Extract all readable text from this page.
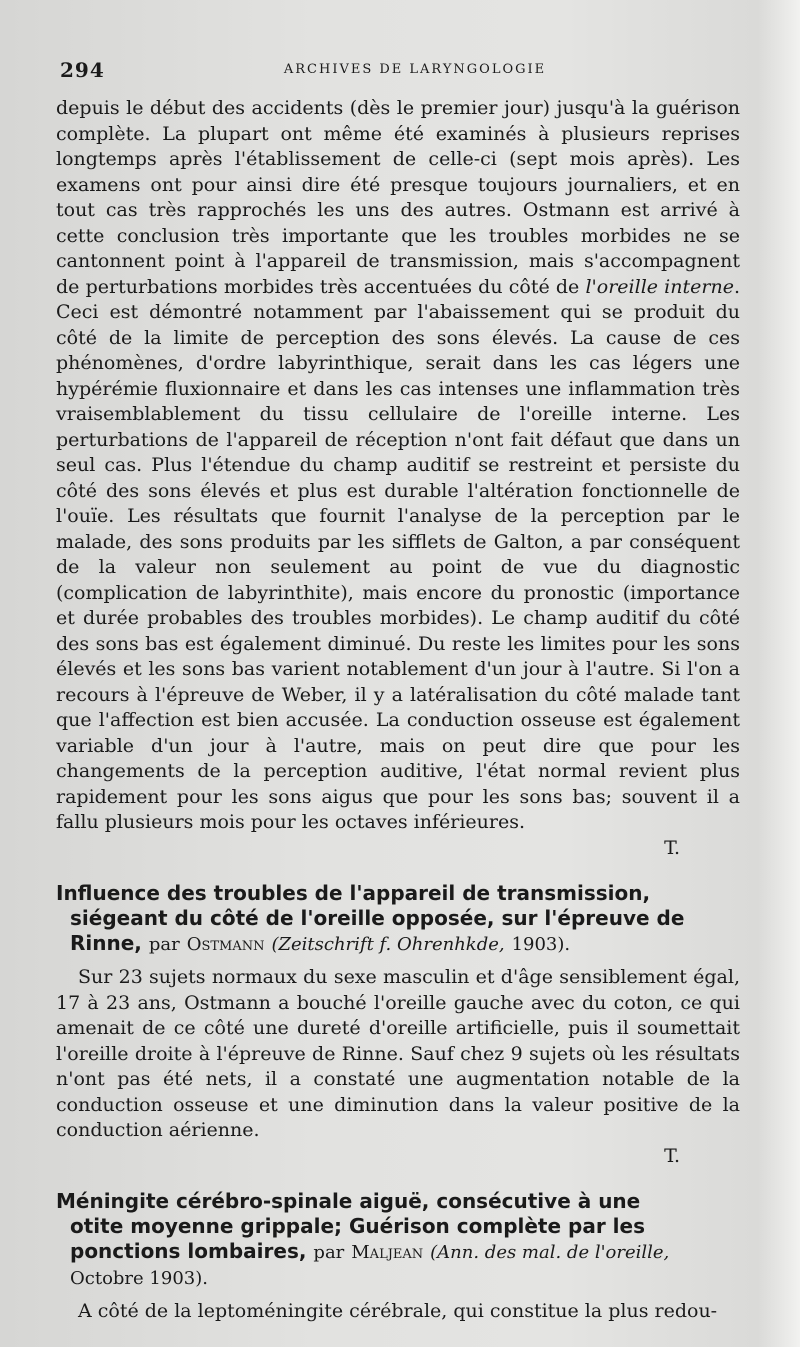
294	ARCHIVES DE LARYNGOLOGIE

depuis le début des accidents (dès le premier jour) jusqu'à la guérison complète. La plupart ont même été examinés à plusieurs reprises longtemps après l'établissement de celle-ci (sept mois après). Les examens ont pour ainsi dire été presque toujours journaliers, et en tout cas très rapprochés les uns des autres. Ostmann est arrivé à cette conclusion très importante que les troubles morbides ne se cantonnent point à l'appareil de transmission, mais s'accompagnent de perturbations morbides très accentuées du côté de l'oreille interne. Ceci est démontré notamment par l'abaissement qui se produit du côté de la limite de perception des sons élevés. La cause de ces phénomènes, d'ordre labyrinthique, serait dans les cas légers une hypérémie fluxionnaire et dans les cas intenses une inflammation très vraisemblablement du tissu cellulaire de l'oreille interne. Les perturbations de l'appareil de réception n'ont fait défaut que dans un seul cas. Plus l'étendue du champ auditif se restreint et persiste du côté des sons élevés et plus est durable l'altération fonctionnelle de l'ouïe. Les résultats que fournit l'analyse de la perception par le malade, des sons produits par les sifflets de Galton, a par conséquent de la valeur non seulement au point de vue du diagnostic (complication de labyrinthite), mais encore du pronostic (importance et durée probables des troubles morbides). Le champ auditif du côté des sons bas est également diminué. Du reste les limites pour les sons élevés et les sons bas varient notablement d'un jour à l'autre. Si l'on a recours à l'épreuve de Weber, il y a latéralisation du côté malade tant que l'affection est bien accusée. La conduction osseuse est également variable d'un jour à l'autre, mais on peut dire que pour les changements de la perception auditive, l'état normal revient plus rapidement pour les sons aigus que pour les sons bas; souvent il a fallu plusieurs mois pour les octaves inférieures.

T.

Influence des troubles de l'appareil de transmission,
siégeant du côté de l'oreille opposée, sur l'épreuve de
Rinne, par Ostmann (Zeitschrift f. Ohrenhkde, 1903).

Sur 23 sujets normaux du sexe masculin et d'âge sensiblement égal, 17 à 23 ans, Ostmann a bouché l'oreille gauche avec du coton, ce qui amenait de ce côté une dureté d'oreille artificielle, puis il soumettait l'oreille droite à l'épreuve de Rinne. Sauf chez 9 sujets où les résultats n'ont pas été nets, il a constaté une augmentation notable de la conduction osseuse et une diminution dans la valeur positive de la conduction aérienne.

T.

Méningite cérébro-spinale aiguë, consécutive à une
otite moyenne grippale; Guérison complète par les
ponctions lombaires, par Maljean (Ann. des mal. de l'oreille, Octobre 1903).

A côté de la leptoméningite cérébrale, qui constitue la plus redou-
